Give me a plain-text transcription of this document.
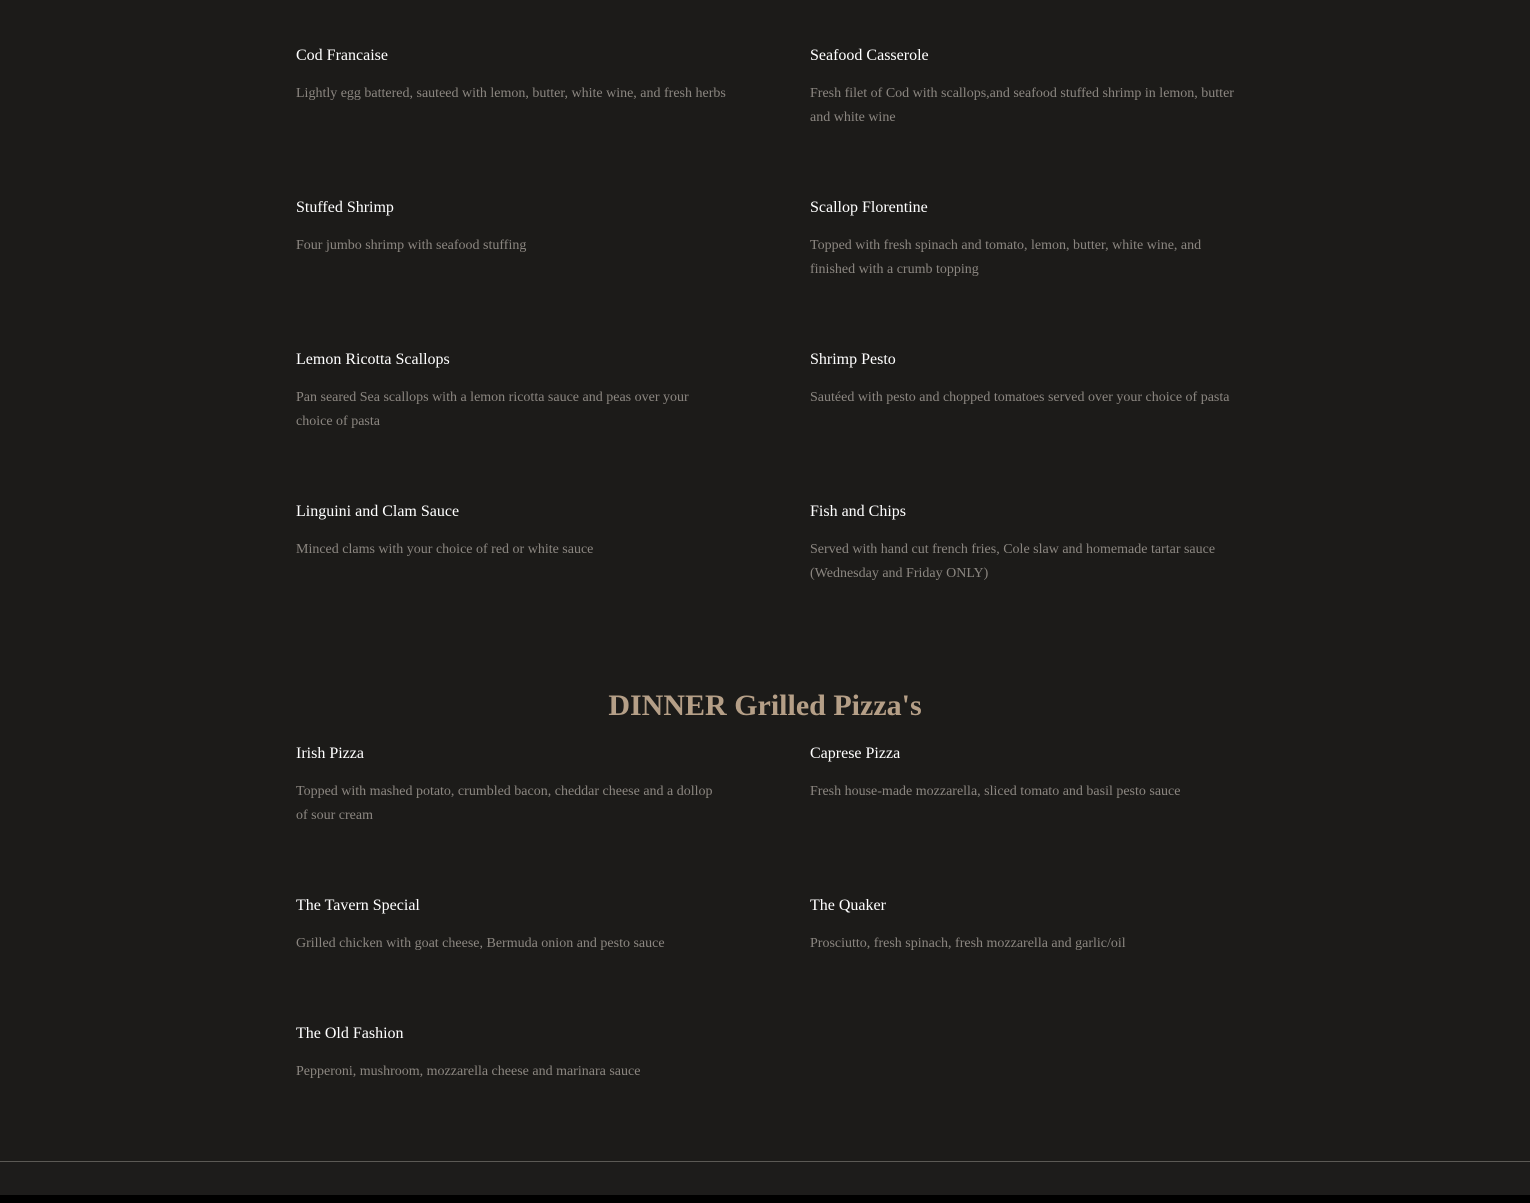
Cod Francaise
Lightly egg battered, sauteed with lemon, butter, white wine, and fresh herbs
Seafood Casserole
Fresh filet of Cod with scallops,and seafood stuffed shrimp in lemon, butter and white wine
Stuffed Shrimp
Four jumbo shrimp with seafood stuffing
Scallop Florentine
Topped with fresh spinach and tomato, lemon, butter, white wine, and finished with a crumb topping
Lemon Ricotta Scallops
Pan seared Sea scallops with a lemon ricotta sauce and peas over your choice of pasta
Shrimp Pesto
Sautéed with pesto and chopped tomatoes served over your choice of pasta
Linguini and Clam Sauce
Minced clams with your choice of red or white sauce
Fish and Chips
Served with hand cut french fries, Cole slaw and homemade tartar sauce (Wednesday and Friday ONLY)
DINNER Grilled Pizza's
Irish Pizza
Topped with mashed potato, crumbled bacon, cheddar cheese and a dollop of sour cream
Caprese Pizza
Fresh house-made mozzarella, sliced tomato and basil pesto sauce
The Tavern Special
Grilled chicken with goat cheese, Bermuda onion and pesto sauce
The Quaker
Prosciutto, fresh spinach, fresh mozzarella and garlic/oil
The Old Fashion
Pepperoni, mushroom, mozzarella cheese and marinara sauce
